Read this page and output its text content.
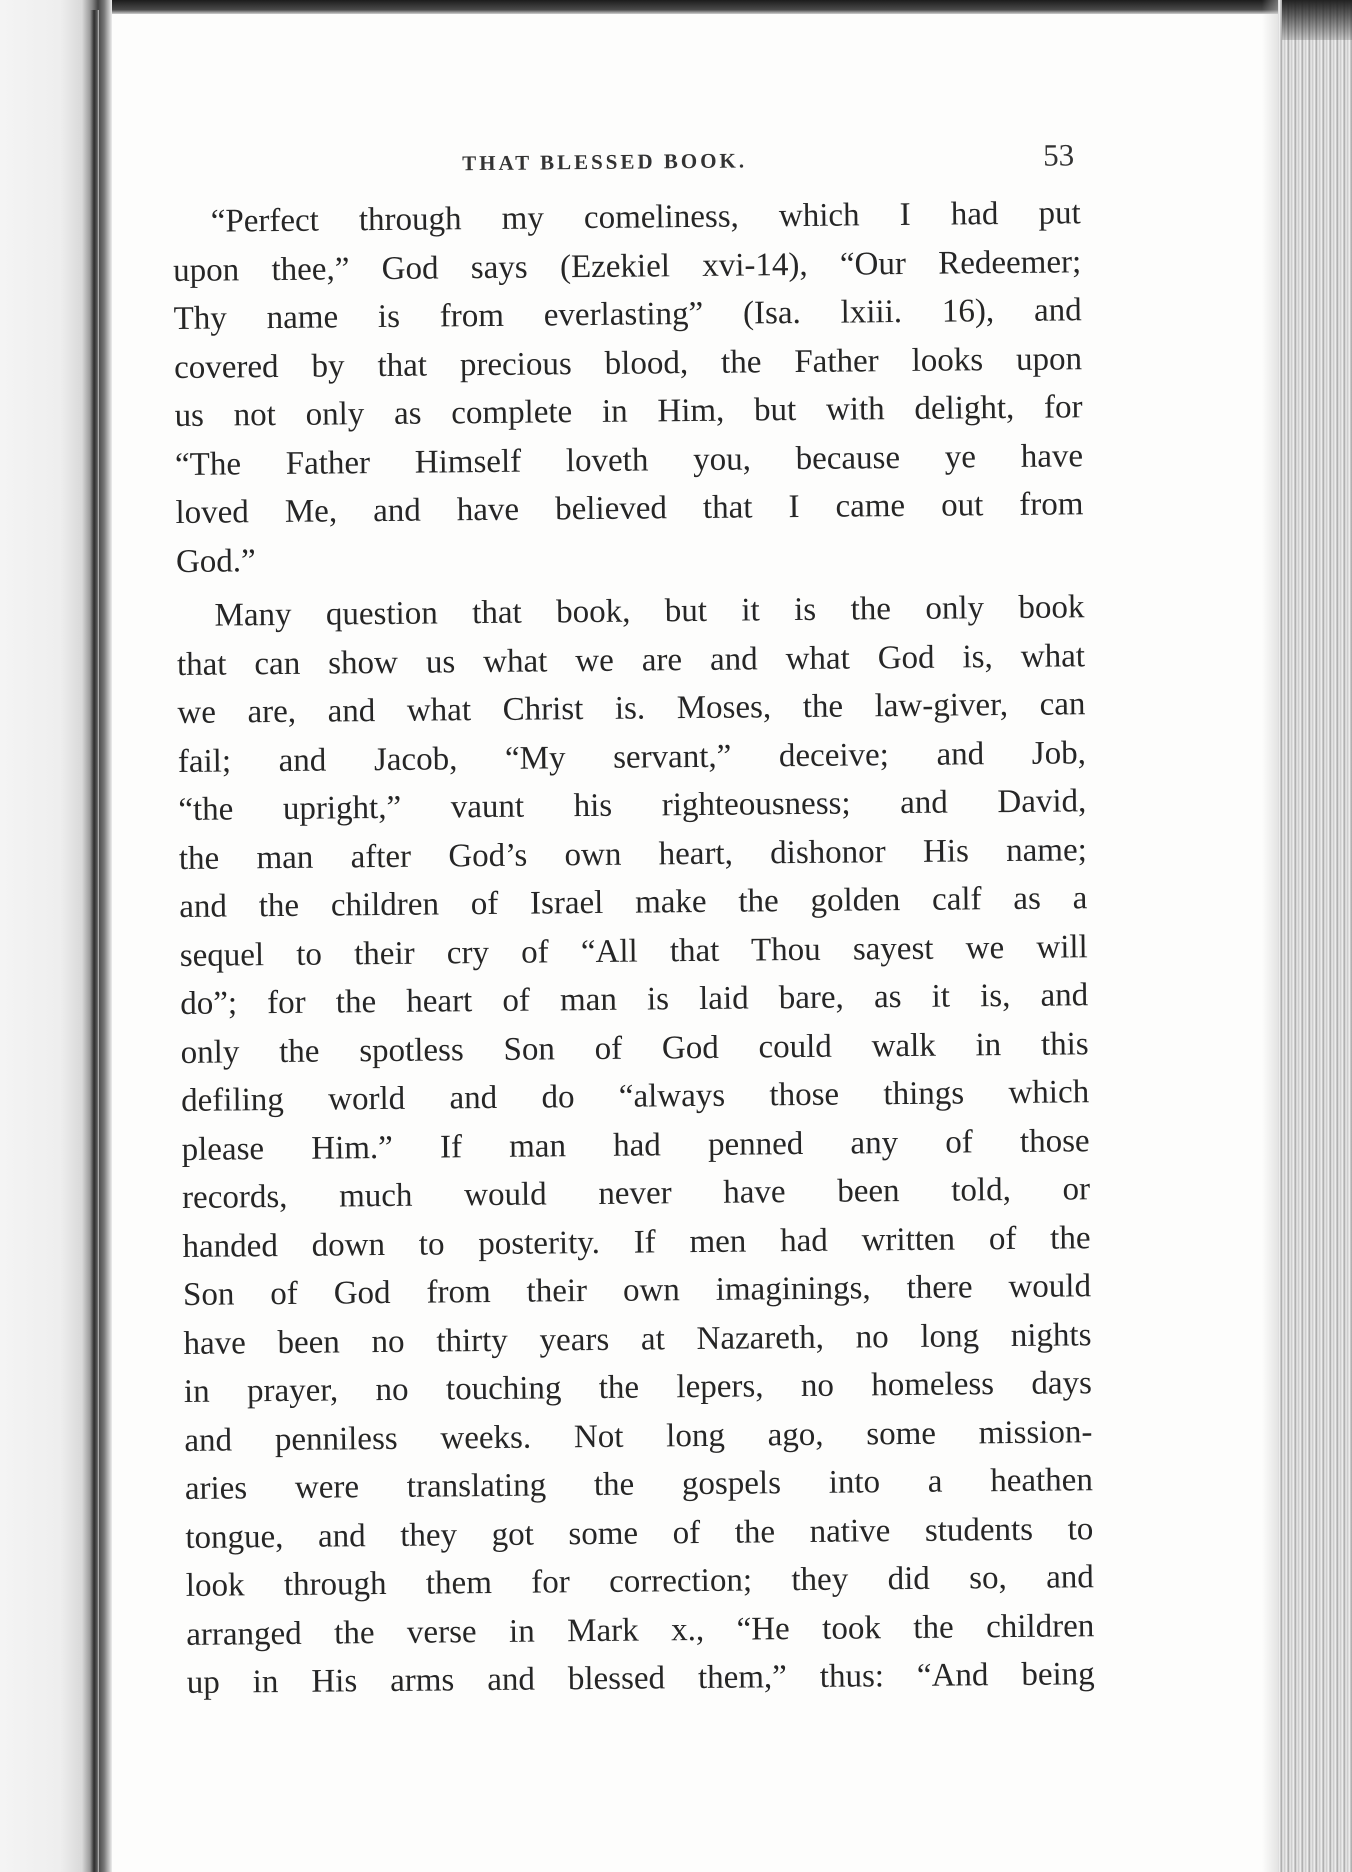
THAT BLESSED BOOK.	53
“Perfect through my comeliness, which I had put
upon thee,” God says (Ezekiel xvi-14), “Our Redeemer;
Thy name is from everlasting” (Isa. lxiii. 16), and
covered by that precious blood, the Father looks upon
us not only as complete in Him, but with delight, for
“The Father Himself loveth you, because ye have
loved Me, and have believed that I came out from
God.”
Many question that book, but it is the only book
that can show us what we are and what God is, what
we are, and what Christ is. Moses, the law-giver, can
fail; and Jacob, “My servant,” deceive; and Job,
“the upright,” vaunt his righteousness; and David,
the man after God’s own heart, dishonor His name;
and the children of Israel make the golden calf as a
sequel to their cry of “All that Thou sayest we will
do”; for the heart of man is laid bare, as it is, and
only the spotless Son of God could walk in this
defiling world and do “always those things which
please Him.” If man had penned any of those
records, much would never have been told, or
handed down to posterity. If men had written of the
Son of God from their own imaginings, there would
have been no thirty years at Nazareth, no long nights
in prayer, no touching the lepers, no homeless days
and penniless weeks. Not long ago, some mission-
aries were translating the gospels into a heathen
tongue, and they got some of the native students to
look through them for correction; they did so, and
arranged the verse in Mark x., “He took the children
up in His arms and blessed them,” thus: “And being
